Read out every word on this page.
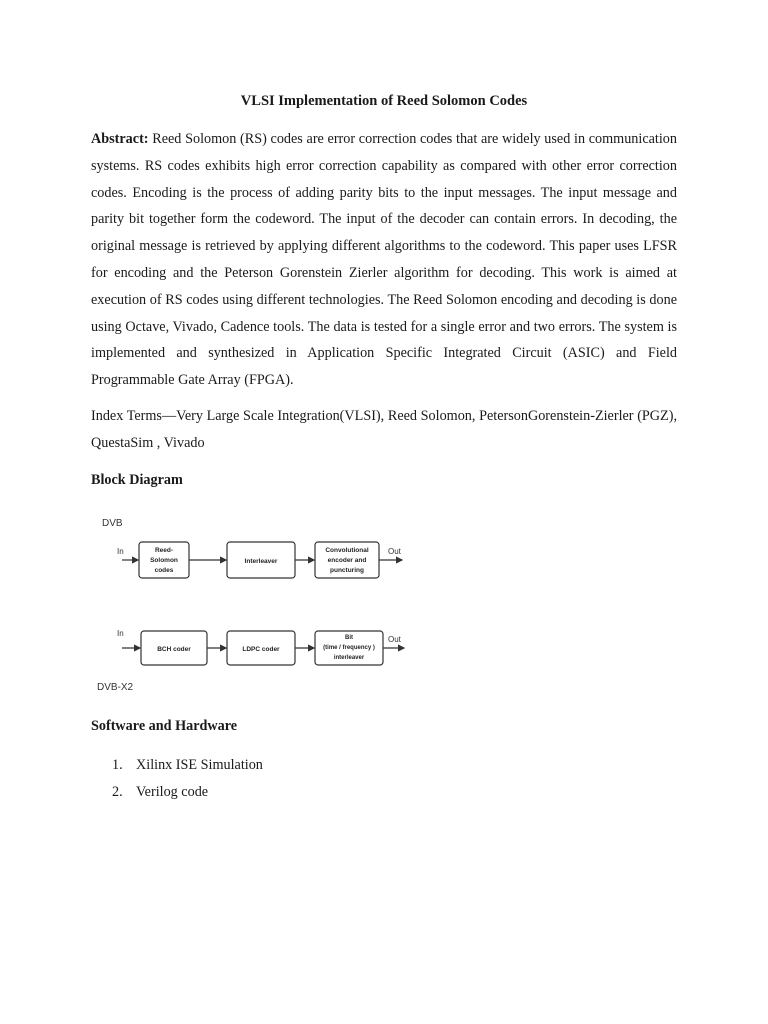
VLSI Implementation of Reed Solomon Codes

Abstract: Reed Solomon (RS) codes are error correction codes that are widely used in communication systems. RS codes exhibits high error correction capability as compared with other error correction codes. Encoding is the process of adding parity bits to the input messages. The input message and parity bit together form the codeword. The input of the decoder can contain errors. In decoding, the original message is retrieved by applying different algorithms to the codeword. This paper uses LFSR for encoding and the Peterson Gorenstein Zierler algorithm for decoding. This work is aimed at execution of RS codes using different technologies. The Reed Solomon encoding and decoding is done using Octave, Vivado, Cadence tools. The data is tested for a single error and two errors. The system is implemented and synthesized in Application Specific Integrated Circuit (ASIC) and Field Programmable Gate Array (FPGA).

Index Terms—Very Large Scale Integration(VLSI), Reed Solomon, PetersonGorenstein-Zierler (PGZ), QuestaSim , Vivado

Block Diagram
DVB
In	Reed-
Solomon
codes
Interleaver
Convolutional
encoder and
puncturing
Out
In
BCH coder	LDPC coder
Bit
(time / frequency )
interleaver
Out
DVB-X2
Software and Hardware
1. Xilinx ISE Simulation
2. Verilog code
